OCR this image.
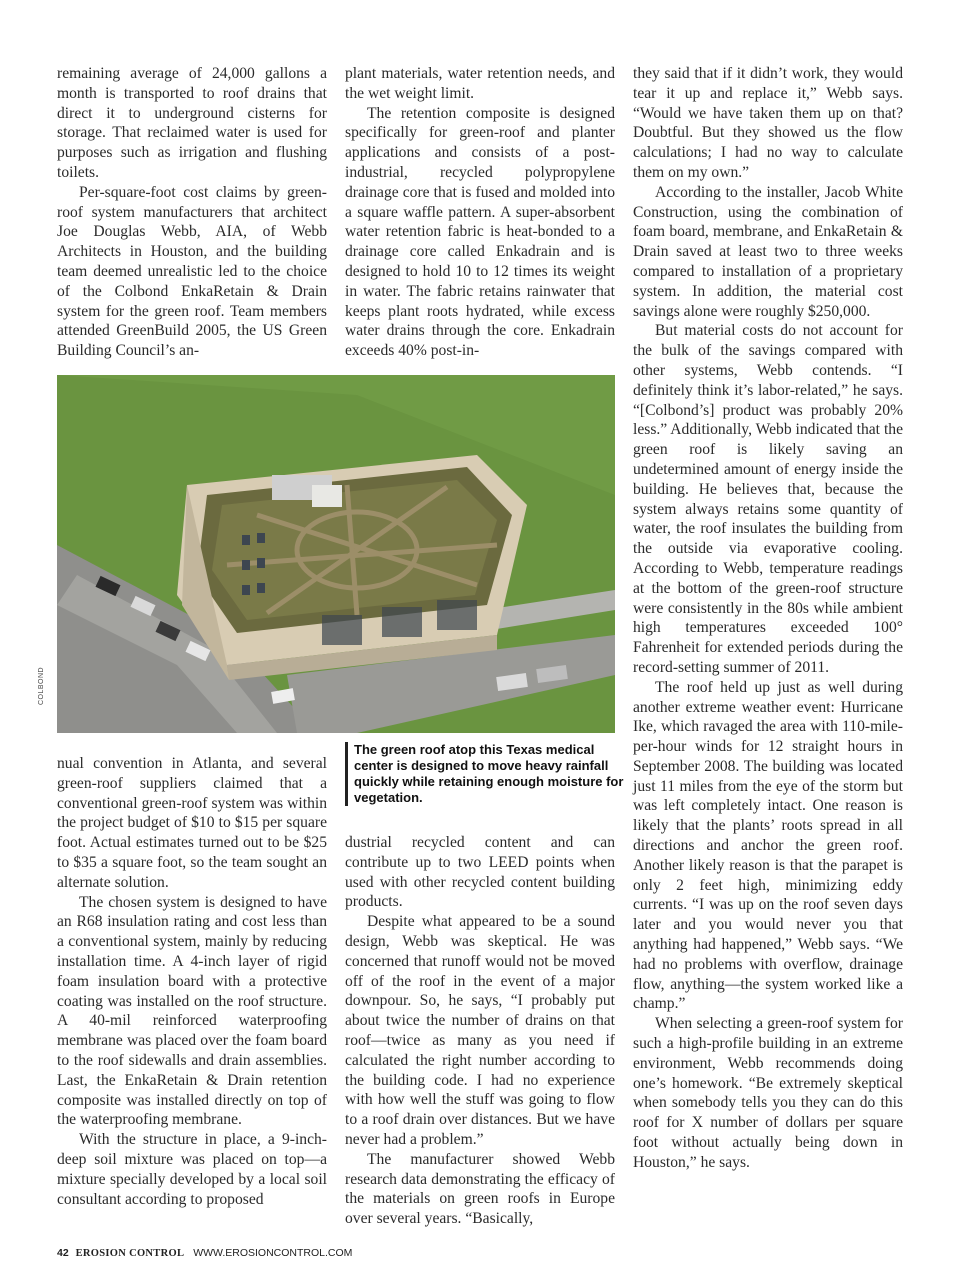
remaining average of 24,000 gallons a month is transported to roof drains that direct it to underground cisterns for storage. That reclaimed water is used for purposes such as irrigation and flushing toilets.

Per-square-foot cost claims by green-roof system manufacturers that architect Joe Douglas Webb, AIA, of Webb Architects in Houston, and the building team deemed unrealistic led to the choice of the Colbond EnkaRetain & Drain system for the green roof. Team members attended GreenBuild 2005, the US Green Building Council’s an-

plant materials, water retention needs, and the wet weight limit.

The retention composite is designed specifically for green-roof and planter applications and consists of a post-industrial, recycled polypropylene drainage core that is fused and molded into a square waffle pattern. A super-absorbent water retention fabric is heat-bonded to a drainage core called Enkadrain and is designed to hold 10 to 12 times its weight in water. The fabric retains rainwater that keeps plant roots hydrated, while excess water drains through the core. Enkadrain exceeds 40% post-in-

COLBOND
The green roof atop this Texas medical center is designed to move heavy rainfall quickly while retaining enough moisture for vegetation.

nual convention in Atlanta, and several green-roof suppliers claimed that a conventional green-roof system was within the project budget of $10 to $15 per square foot. Actual estimates turned out to be $25 to $35 a square foot, so the team sought an alternate solution.

The chosen system is designed to have an R68 insulation rating and cost less than a conventional system, mainly by reducing installation time. A 4-inch layer of rigid foam insulation board with a protective coating was installed on the roof structure. A 40-mil reinforced waterproofing membrane was placed over the foam board to the roof sidewalls and drain assemblies. Last, the EnkaRetain & Drain retention composite was installed directly on top of the waterproofing membrane.

With the structure in place, a 9-inch-deep soil mixture was placed on top—a mixture specially developed by a local soil consultant according to proposed

dustrial recycled content and can contribute up to two LEED points when used with other recycled content building products.

Despite what appeared to be a sound design, Webb was skeptical. He was concerned that runoff would not be moved off of the roof in the event of a major downpour. So, he says, “I probably put about twice the number of drains on that roof—twice as many as you need if calculated the right number according to the building code. I had no experience with how well the stuff was going to flow to a roof drain over distances. But we have never had a problem.”

The manufacturer showed Webb research data demonstrating the efficacy of the materials on green roofs in Europe over several years. “Basically,

they said that if it didn’t work, they would tear it up and replace it,” Webb says. “Would we have taken them up on that? Doubtful. But they showed us the flow calculations; I had no way to calculate them on my own.”

According to the installer, Jacob White Construction, using the combination of foam board, membrane, and EnkaRetain & Drain saved at least two to three weeks compared to installation of a proprietary system. In addition, the material cost savings alone were roughly $250,000.

But material costs do not account for the bulk of the savings compared with other systems, Webb contends. “I definitely think it’s labor-related,” he says. “[Colbond’s] product was probably 20% less.” Additionally, Webb indicated that the green roof is likely saving an undetermined amount of energy inside the building. He believes that, because the system always retains some quantity of water, the roof insulates the building from the outside via evaporative cooling. According to Webb, temperature readings at the bottom of the green-roof structure were consistently in the 80s while ambient high temperatures exceeded 100° Fahrenheit for extended periods during the record-setting summer of 2011.

The roof held up just as well during another extreme weather event: Hurricane Ike, which ravaged the area with 110-mile-per-hour winds for 12 straight hours in September 2008. The building was located just 11 miles from the eye of the storm but was left completely intact. One reason is likely that the plants’ roots spread in all directions and anchor the green roof. Another likely reason is that the parapet is only 2 feet high, minimizing eddy currents. “I was up on the roof seven days later and you would never you that anything had happened,” Webb says. “We had no problems with overflow, drainage flow, anything—the system worked like a champ.”

When selecting a green-roof system for such a high-profile building in an extreme environment, Webb recommends doing one’s homework. “Be extremely skeptical when somebody tells you they can do this roof for X number of dollars per square foot without actually being down in Houston,” he says.

42 EROSION CONTROL WWW.EROSIONCONTROL.COM
